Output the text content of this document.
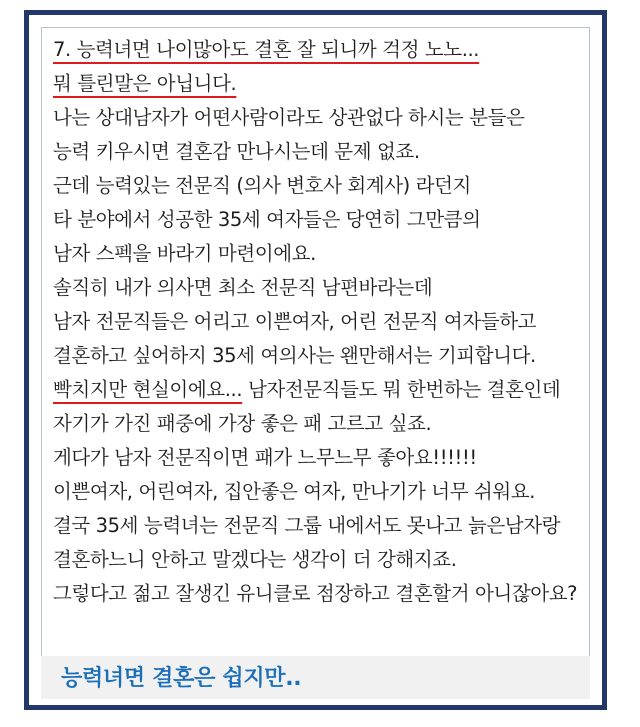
7. 능력녀면 나이많아도 결혼 잘 되니까 걱정 노노...
뭐 틀린말은 아닙니다.
나는 상대남자가 어떤사람이라도 상관없다 하시는 분들은
능력 키우시면 결혼감 만나시는데 문제 없죠.
근데 능력있는 전문직 (의사 변호사 회계사) 라던지
타 분야에서 성공한 35세 여자들은 당연히 그만큼의
남자 스펙을 바라기 마련이에요.
솔직히 내가 의사면 최소 전문직 남편바라는데
남자 전문직들은 어리고 이쁜여자, 어린 전문직 여자들하고
결혼하고 싶어하지 35세 여의사는 왠만해서는 기피합니다.
빡치지만 현실이에요... 남자전문직들도 뭐 한번하는 결혼인데
자기가 가진 패중에 가장 좋은 패 고르고 싶죠.
게다가 남자 전문직이면 패가 느무느무 좋아요!!!!!!
이쁜여자, 어린여자, 집안좋은 여자, 만나기가 너무 쉬워요.
결국 35세 능력녀는 전문직 그룹 내에서도 못나고 늙은남자랑
결혼하느니 안하고 말겠다는 생각이 더 강해지죠.
그렇다고 젊고 잘생긴 유니클로 점장하고 결혼할거 아니잖아요?
능력녀면 결혼은 쉽지만..
